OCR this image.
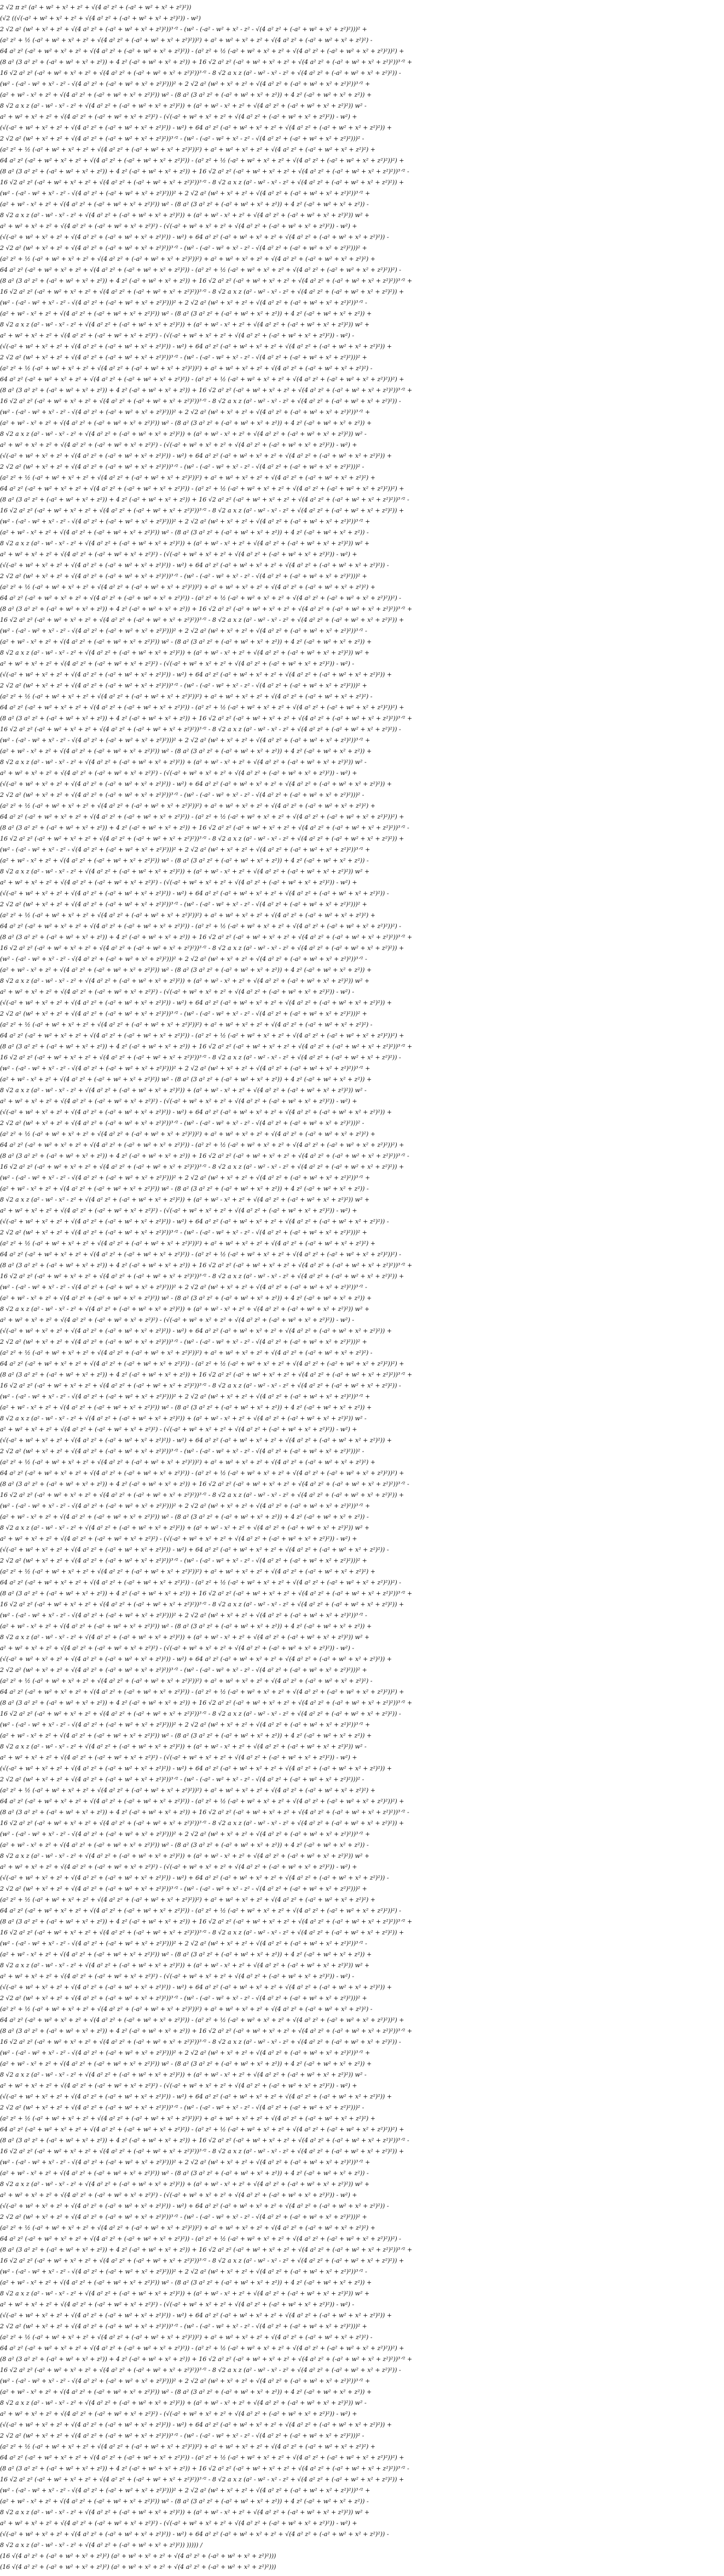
2 √2 π z² (a² + w² + x² + z² + √(4 a² z² + (-a² + w² + x² + z²)²))
(√2 ((√(-a² + w² + x² + z² + √(4 a² z² + (-a² + w² + x² + z²)²)) - w²)
2 √2 a² (w² + x² + z² + √(4 a² z² + (-a² + w² + x² + z²)²))³ᐟ² - (w² - (-a² - w² + x² - z² - √(4 a² z² + (-a² + w² + x² + z²)²)))² +
(a² z² + ½ (-a² + w² + x² + z² + √(4 a² z² + (-a² + w² + x² + z²)²))²) + a² + w² + x² + z² + √(4 a² z² + (-a² + w² + x² + z²)²) -
64 a² z² (-a² + w² + x² + z² + √(4 a² z² + (-a² + w² + x² + z²)²)) - (a² z² + ½ (-a² + w² + x² + z² + √(4 a² z² + (-a² + w² + x² + z²)²))²) +
(8 a² (3 a² z² + (-a² + w² + x² + z²)) + 4 z² (-a² + w² + x² + z²)) + 16 √2 a² z² (-a² + w² + x² + z² + √(4 a² z² + (-a² + w² + x² + z²)²))³ᐟ² +
16 √2 a² z² (-a² + w² + x² + z² + √(4 a² z² + (-a² + w² + x² + z²)²))³ᐟ² - 8 √2 a x z (a² - w² - x² - z² + √(4 a² z² + (-a² + w² + x² + z²)²)) -
(w² - (-a² - w² + x² - z² - √(4 a² z² + (-a² + w² + x² + z²)²)))² + 2 √2 a² (w² + x² + z² + √(4 a² z² + (-a² + w² + x² + z²)²))³ᐟ² +
(a² + w² - x² + z² + √(4 a² z² + (-a² + w² + x² + z²)²)) w² - (8 a² (3 a² z² + (-a² + w² + x² + z²)) + 4 z² (-a² + w² + x² + z²)) +
8 √2 a x z (a² - w² - x² - z² + √(4 a² z² + (-a² + w² + x² + z²)²)) + (a² + w² - x² + z² + √(4 a² z² + (-a² + w² + x² + z²)²)) w² -
a² + w² + x² + z² + √(4 a² z² + (-a² + w² + x² + z²)²) - (√(-a² + w² + x² + z² + √(4 a² z² + (-a² + w² + x² + z²)²)) - w²) +
(√(-a² + w² + x² + z² + √(4 a² z² + (-a² + w² + x² + z²)²)) - w²) + 64 a² z² (-a² + w² + x² + z² + √(4 a² z² + (-a² + w² + x² + z²)²)) +
2 √2 a² (w² + x² + z² + √(4 a² z² + (-a² + w² + x² + z²)²))³ᐟ² - (w² - (-a² - w² + x² - z² - √(4 a² z² + (-a² + w² + x² + z²)²)))² -
(a² z² + ½ (-a² + w² + x² + z² + √(4 a² z² + (-a² + w² + x² + z²)²))²) + a² + w² + x² + z² + √(4 a² z² + (-a² + w² + x² + z²)²) +
64 a² z² (-a² + w² + x² + z² + √(4 a² z² + (-a² + w² + x² + z²)²)) - (a² z² + ½ (-a² + w² + x² + z² + √(4 a² z² + (-a² + w² + x² + z²)²))²) +
(8 a² (3 a² z² + (-a² + w² + x² + z²)) + 4 z² (-a² + w² + x² + z²)) + 16 √2 a² z² (-a² + w² + x² + z² + √(4 a² z² + (-a² + w² + x² + z²)²))³ᐟ² -
16 √2 a² z² (-a² + w² + x² + z² + √(4 a² z² + (-a² + w² + x² + z²)²))³ᐟ² - 8 √2 a x z (a² - w² - x² - z² + √(4 a² z² + (-a² + w² + x² + z²)²)) +
(w² - (-a² - w² + x² - z² - √(4 a² z² + (-a² + w² + x² + z²)²)))² + 2 √2 a² (w² + x² + z² + √(4 a² z² + (-a² + w² + x² + z²)²))³ᐟ² +
(a² + w² - x² + z² + √(4 a² z² + (-a² + w² + x² + z²)²)) w² - (8 a² (3 a² z² + (-a² + w² + x² + z²)) + 4 z² (-a² + w² + x² + z²)) -
8 √2 a x z (a² - w² - x² - z² + √(4 a² z² + (-a² + w² + x² + z²)²)) + (a² + w² - x² + z² + √(4 a² z² + (-a² + w² + x² + z²)²)) w² +
a² + w² + x² + z² + √(4 a² z² + (-a² + w² + x² + z²)²) - (√(-a² + w² + x² + z² + √(4 a² z² + (-a² + w² + x² + z²)²)) - w²) +
(√(-a² + w² + x² + z² + √(4 a² z² + (-a² + w² + x² + z²)²)) - w²) + 64 a² z² (-a² + w² + x² + z² + √(4 a² z² + (-a² + w² + x² + z²)²)) -
2 √2 a² (w² + x² + z² + √(4 a² z² + (-a² + w² + x² + z²)²))³ᐟ² - (w² - (-a² - w² + x² - z² - √(4 a² z² + (-a² + w² + x² + z²)²)))² +
(a² z² + ½ (-a² + w² + x² + z² + √(4 a² z² + (-a² + w² + x² + z²)²))²) + a² + w² + x² + z² + √(4 a² z² + (-a² + w² + x² + z²)²) +
64 a² z² (-a² + w² + x² + z² + √(4 a² z² + (-a² + w² + x² + z²)²)) - (a² z² + ½ (-a² + w² + x² + z² + √(4 a² z² + (-a² + w² + x² + z²)²))²) -
(8 a² (3 a² z² + (-a² + w² + x² + z²)) + 4 z² (-a² + w² + x² + z²)) + 16 √2 a² z² (-a² + w² + x² + z² + √(4 a² z² + (-a² + w² + x² + z²)²))³ᐟ² +
16 √2 a² z² (-a² + w² + x² + z² + √(4 a² z² + (-a² + w² + x² + z²)²))³ᐟ² - 8 √2 a x z (a² - w² - x² - z² + √(4 a² z² + (-a² + w² + x² + z²)²)) +
(w² - (-a² - w² + x² - z² - √(4 a² z² + (-a² + w² + x² + z²)²)))² + 2 √2 a² (w² + x² + z² + √(4 a² z² + (-a² + w² + x² + z²)²))³ᐟ² -
(a² + w² - x² + z² + √(4 a² z² + (-a² + w² + x² + z²)²)) w² - (8 a² (3 a² z² + (-a² + w² + x² + z²)) + 4 z² (-a² + w² + x² + z²)) +
8 √2 a x z (a² - w² - x² - z² + √(4 a² z² + (-a² + w² + x² + z²)²)) + (a² + w² - x² + z² + √(4 a² z² + (-a² + w² + x² + z²)²)) w² +
a² + w² + x² + z² + √(4 a² z² + (-a² + w² + x² + z²)²) - (√(-a² + w² + x² + z² + √(4 a² z² + (-a² + w² + x² + z²)²)) - w²) -
(√(-a² + w² + x² + z² + √(4 a² z² + (-a² + w² + x² + z²)²)) - w²) + 64 a² z² (-a² + w² + x² + z² + √(4 a² z² + (-a² + w² + x² + z²)²)) +
2 √2 a² (w² + x² + z² + √(4 a² z² + (-a² + w² + x² + z²)²))³ᐟ² - (w² - (-a² - w² + x² - z² - √(4 a² z² + (-a² + w² + x² + z²)²)))² +
(a² z² + ½ (-a² + w² + x² + z² + √(4 a² z² + (-a² + w² + x² + z²)²))²) + a² + w² + x² + z² + √(4 a² z² + (-a² + w² + x² + z²)²) -
64 a² z² (-a² + w² + x² + z² + √(4 a² z² + (-a² + w² + x² + z²)²)) - (a² z² + ½ (-a² + w² + x² + z² + √(4 a² z² + (-a² + w² + x² + z²)²))²) +
(8 a² (3 a² z² + (-a² + w² + x² + z²)) + 4 z² (-a² + w² + x² + z²)) + 16 √2 a² z² (-a² + w² + x² + z² + √(4 a² z² + (-a² + w² + x² + z²)²))³ᐟ² +
16 √2 a² z² (-a² + w² + x² + z² + √(4 a² z² + (-a² + w² + x² + z²)²))³ᐟ² - 8 √2 a x z (a² - w² - x² - z² + √(4 a² z² + (-a² + w² + x² + z²)²)) -
(w² - (-a² - w² + x² - z² - √(4 a² z² + (-a² + w² + x² + z²)²)))² + 2 √2 a² (w² + x² + z² + √(4 a² z² + (-a² + w² + x² + z²)²))³ᐟ² +
(a² + w² - x² + z² + √(4 a² z² + (-a² + w² + x² + z²)²)) w² - (8 a² (3 a² z² + (-a² + w² + x² + z²)) + 4 z² (-a² + w² + x² + z²)) +
8 √2 a x z (a² - w² - x² - z² + √(4 a² z² + (-a² + w² + x² + z²)²)) + (a² + w² - x² + z² + √(4 a² z² + (-a² + w² + x² + z²)²)) w² -
a² + w² + x² + z² + √(4 a² z² + (-a² + w² + x² + z²)²) - (√(-a² + w² + x² + z² + √(4 a² z² + (-a² + w² + x² + z²)²)) - w²) +
(√(-a² + w² + x² + z² + √(4 a² z² + (-a² + w² + x² + z²)²)) - w²) + 64 a² z² (-a² + w² + x² + z² + √(4 a² z² + (-a² + w² + x² + z²)²)) +
2 √2 a² (w² + x² + z² + √(4 a² z² + (-a² + w² + x² + z²)²))³ᐟ² - (w² - (-a² - w² + x² - z² - √(4 a² z² + (-a² + w² + x² + z²)²)))² -
(a² z² + ½ (-a² + w² + x² + z² + √(4 a² z² + (-a² + w² + x² + z²)²))²) + a² + w² + x² + z² + √(4 a² z² + (-a² + w² + x² + z²)²) +
64 a² z² (-a² + w² + x² + z² + √(4 a² z² + (-a² + w² + x² + z²)²)) - (a² z² + ½ (-a² + w² + x² + z² + √(4 a² z² + (-a² + w² + x² + z²)²))²) +
(8 a² (3 a² z² + (-a² + w² + x² + z²)) + 4 z² (-a² + w² + x² + z²)) + 16 √2 a² z² (-a² + w² + x² + z² + √(4 a² z² + (-a² + w² + x² + z²)²))³ᐟ² -
16 √2 a² z² (-a² + w² + x² + z² + √(4 a² z² + (-a² + w² + x² + z²)²))³ᐟ² - 8 √2 a x z (a² - w² - x² - z² + √(4 a² z² + (-a² + w² + x² + z²)²)) +
(w² - (-a² - w² + x² - z² - √(4 a² z² + (-a² + w² + x² + z²)²)))² + 2 √2 a² (w² + x² + z² + √(4 a² z² + (-a² + w² + x² + z²)²))³ᐟ² +
(a² + w² - x² + z² + √(4 a² z² + (-a² + w² + x² + z²)²)) w² - (8 a² (3 a² z² + (-a² + w² + x² + z²)) + 4 z² (-a² + w² + x² + z²)) -
8 √2 a x z (a² - w² - x² - z² + √(4 a² z² + (-a² + w² + x² + z²)²)) + (a² + w² - x² + z² + √(4 a² z² + (-a² + w² + x² + z²)²)) w² +
a² + w² + x² + z² + √(4 a² z² + (-a² + w² + x² + z²)²) - (√(-a² + w² + x² + z² + √(4 a² z² + (-a² + w² + x² + z²)²)) - w²) +
(√(-a² + w² + x² + z² + √(4 a² z² + (-a² + w² + x² + z²)²)) - w²) + 64 a² z² (-a² + w² + x² + z² + √(4 a² z² + (-a² + w² + x² + z²)²)) -
2 √2 a² (w² + x² + z² + √(4 a² z² + (-a² + w² + x² + z²)²))³ᐟ² - (w² - (-a² - w² + x² - z² - √(4 a² z² + (-a² + w² + x² + z²)²)))² +
(a² z² + ½ (-a² + w² + x² + z² + √(4 a² z² + (-a² + w² + x² + z²)²))²) + a² + w² + x² + z² + √(4 a² z² + (-a² + w² + x² + z²)²) +
64 a² z² (-a² + w² + x² + z² + √(4 a² z² + (-a² + w² + x² + z²)²)) - (a² z² + ½ (-a² + w² + x² + z² + √(4 a² z² + (-a² + w² + x² + z²)²))²) -
(8 a² (3 a² z² + (-a² + w² + x² + z²)) + 4 z² (-a² + w² + x² + z²)) + 16 √2 a² z² (-a² + w² + x² + z² + √(4 a² z² + (-a² + w² + x² + z²)²))³ᐟ² +
16 √2 a² z² (-a² + w² + x² + z² + √(4 a² z² + (-a² + w² + x² + z²)²))³ᐟ² - 8 √2 a x z (a² - w² - x² - z² + √(4 a² z² + (-a² + w² + x² + z²)²)) +
(w² - (-a² - w² + x² - z² - √(4 a² z² + (-a² + w² + x² + z²)²)))² + 2 √2 a² (w² + x² + z² + √(4 a² z² + (-a² + w² + x² + z²)²))³ᐟ² -
(a² + w² - x² + z² + √(4 a² z² + (-a² + w² + x² + z²)²)) w² - (8 a² (3 a² z² + (-a² + w² + x² + z²)) + 4 z² (-a² + w² + x² + z²)) +
8 √2 a x z (a² - w² - x² - z² + √(4 a² z² + (-a² + w² + x² + z²)²)) + (a² + w² - x² + z² + √(4 a² z² + (-a² + w² + x² + z²)²)) w² +
a² + w² + x² + z² + √(4 a² z² + (-a² + w² + x² + z²)²) - (√(-a² + w² + x² + z² + √(4 a² z² + (-a² + w² + x² + z²)²)) - w²) -
(√(-a² + w² + x² + z² + √(4 a² z² + (-a² + w² + x² + z²)²)) - w²) + 64 a² z² (-a² + w² + x² + z² + √(4 a² z² + (-a² + w² + x² + z²)²)) +
2 √2 a² (w² + x² + z² + √(4 a² z² + (-a² + w² + x² + z²)²))³ᐟ² - (w² - (-a² - w² + x² - z² - √(4 a² z² + (-a² + w² + x² + z²)²)))² +
(a² z² + ½ (-a² + w² + x² + z² + √(4 a² z² + (-a² + w² + x² + z²)²))²) + a² + w² + x² + z² + √(4 a² z² + (-a² + w² + x² + z²)²) -
64 a² z² (-a² + w² + x² + z² + √(4 a² z² + (-a² + w² + x² + z²)²)) - (a² z² + ½ (-a² + w² + x² + z² + √(4 a² z² + (-a² + w² + x² + z²)²))²) +
(8 a² (3 a² z² + (-a² + w² + x² + z²)) + 4 z² (-a² + w² + x² + z²)) + 16 √2 a² z² (-a² + w² + x² + z² + √(4 a² z² + (-a² + w² + x² + z²)²))³ᐟ² +
16 √2 a² z² (-a² + w² + x² + z² + √(4 a² z² + (-a² + w² + x² + z²)²))³ᐟ² - 8 √2 a x z (a² - w² - x² - z² + √(4 a² z² + (-a² + w² + x² + z²)²)) -
(w² - (-a² - w² + x² - z² - √(4 a² z² + (-a² + w² + x² + z²)²)))² + 2 √2 a² (w² + x² + z² + √(4 a² z² + (-a² + w² + x² + z²)²))³ᐟ² +
(a² + w² - x² + z² + √(4 a² z² + (-a² + w² + x² + z²)²)) w² - (8 a² (3 a² z² + (-a² + w² + x² + z²)) + 4 z² (-a² + w² + x² + z²)) +
8 √2 a x z (a² - w² - x² - z² + √(4 a² z² + (-a² + w² + x² + z²)²)) + (a² + w² - x² + z² + √(4 a² z² + (-a² + w² + x² + z²)²)) w² -
a² + w² + x² + z² + √(4 a² z² + (-a² + w² + x² + z²)²) - (√(-a² + w² + x² + z² + √(4 a² z² + (-a² + w² + x² + z²)²)) - w²) +
(√(-a² + w² + x² + z² + √(4 a² z² + (-a² + w² + x² + z²)²)) - w²) + 64 a² z² (-a² + w² + x² + z² + √(4 a² z² + (-a² + w² + x² + z²)²)) +
2 √2 a² (w² + x² + z² + √(4 a² z² + (-a² + w² + x² + z²)²))³ᐟ² - (w² - (-a² - w² + x² - z² - √(4 a² z² + (-a² + w² + x² + z²)²)))² -
(a² z² + ½ (-a² + w² + x² + z² + √(4 a² z² + (-a² + w² + x² + z²)²))²) + a² + w² + x² + z² + √(4 a² z² + (-a² + w² + x² + z²)²) +
64 a² z² (-a² + w² + x² + z² + √(4 a² z² + (-a² + w² + x² + z²)²)) - (a² z² + ½ (-a² + w² + x² + z² + √(4 a² z² + (-a² + w² + x² + z²)²))²) +
(8 a² (3 a² z² + (-a² + w² + x² + z²)) + 4 z² (-a² + w² + x² + z²)) + 16 √2 a² z² (-a² + w² + x² + z² + √(4 a² z² + (-a² + w² + x² + z²)²))³ᐟ² -
16 √2 a² z² (-a² + w² + x² + z² + √(4 a² z² + (-a² + w² + x² + z²)²))³ᐟ² - 8 √2 a x z (a² - w² - x² - z² + √(4 a² z² + (-a² + w² + x² + z²)²)) +
(w² - (-a² - w² + x² - z² - √(4 a² z² + (-a² + w² + x² + z²)²)))² + 2 √2 a² (w² + x² + z² + √(4 a² z² + (-a² + w² + x² + z²)²))³ᐟ² +
(a² + w² - x² + z² + √(4 a² z² + (-a² + w² + x² + z²)²)) w² - (8 a² (3 a² z² + (-a² + w² + x² + z²)) + 4 z² (-a² + w² + x² + z²)) -
8 √2 a x z (a² - w² - x² - z² + √(4 a² z² + (-a² + w² + x² + z²)²)) + (a² + w² - x² + z² + √(4 a² z² + (-a² + w² + x² + z²)²)) w² +
a² + w² + x² + z² + √(4 a² z² + (-a² + w² + x² + z²)²) - (√(-a² + w² + x² + z² + √(4 a² z² + (-a² + w² + x² + z²)²)) - w²) +
(√(-a² + w² + x² + z² + √(4 a² z² + (-a² + w² + x² + z²)²)) - w²) + 64 a² z² (-a² + w² + x² + z² + √(4 a² z² + (-a² + w² + x² + z²)²)) -
2 √2 a² (w² + x² + z² + √(4 a² z² + (-a² + w² + x² + z²)²))³ᐟ² - (w² - (-a² - w² + x² - z² - √(4 a² z² + (-a² + w² + x² + z²)²)))² +
(a² z² + ½ (-a² + w² + x² + z² + √(4 a² z² + (-a² + w² + x² + z²)²))²) + a² + w² + x² + z² + √(4 a² z² + (-a² + w² + x² + z²)²) +
64 a² z² (-a² + w² + x² + z² + √(4 a² z² + (-a² + w² + x² + z²)²)) - (a² z² + ½ (-a² + w² + x² + z² + √(4 a² z² + (-a² + w² + x² + z²)²))²) -
(8 a² (3 a² z² + (-a² + w² + x² + z²)) + 4 z² (-a² + w² + x² + z²)) + 16 √2 a² z² (-a² + w² + x² + z² + √(4 a² z² + (-a² + w² + x² + z²)²))³ᐟ² +
16 √2 a² z² (-a² + w² + x² + z² + √(4 a² z² + (-a² + w² + x² + z²)²))³ᐟ² - 8 √2 a x z (a² - w² - x² - z² + √(4 a² z² + (-a² + w² + x² + z²)²)) +
(w² - (-a² - w² + x² - z² - √(4 a² z² + (-a² + w² + x² + z²)²)))² + 2 √2 a² (w² + x² + z² + √(4 a² z² + (-a² + w² + x² + z²)²))³ᐟ² -
(a² + w² - x² + z² + √(4 a² z² + (-a² + w² + x² + z²)²)) w² - (8 a² (3 a² z² + (-a² + w² + x² + z²)) + 4 z² (-a² + w² + x² + z²)) +
8 √2 a x z (a² - w² - x² - z² + √(4 a² z² + (-a² + w² + x² + z²)²)) + (a² + w² - x² + z² + √(4 a² z² + (-a² + w² + x² + z²)²)) w² +
a² + w² + x² + z² + √(4 a² z² + (-a² + w² + x² + z²)²) - (√(-a² + w² + x² + z² + √(4 a² z² + (-a² + w² + x² + z²)²)) - w²) -
(√(-a² + w² + x² + z² + √(4 a² z² + (-a² + w² + x² + z²)²)) - w²) + 64 a² z² (-a² + w² + x² + z² + √(4 a² z² + (-a² + w² + x² + z²)²)) +
2 √2 a² (w² + x² + z² + √(4 a² z² + (-a² + w² + x² + z²)²))³ᐟ² - (w² - (-a² - w² + x² - z² - √(4 a² z² + (-a² + w² + x² + z²)²)))² +
(a² z² + ½ (-a² + w² + x² + z² + √(4 a² z² + (-a² + w² + x² + z²)²))²) + a² + w² + x² + z² + √(4 a² z² + (-a² + w² + x² + z²)²) -
64 a² z² (-a² + w² + x² + z² + √(4 a² z² + (-a² + w² + x² + z²)²)) - (a² z² + ½ (-a² + w² + x² + z² + √(4 a² z² + (-a² + w² + x² + z²)²))²) +
(8 a² (3 a² z² + (-a² + w² + x² + z²)) + 4 z² (-a² + w² + x² + z²)) + 16 √2 a² z² (-a² + w² + x² + z² + √(4 a² z² + (-a² + w² + x² + z²)²))³ᐟ² +
16 √2 a² z² (-a² + w² + x² + z² + √(4 a² z² + (-a² + w² + x² + z²)²))³ᐟ² - 8 √2 a x z (a² - w² - x² - z² + √(4 a² z² + (-a² + w² + x² + z²)²)) -
(w² - (-a² - w² + x² - z² - √(4 a² z² + (-a² + w² + x² + z²)²)))² + 2 √2 a² (w² + x² + z² + √(4 a² z² + (-a² + w² + x² + z²)²))³ᐟ² +
(a² + w² - x² + z² + √(4 a² z² + (-a² + w² + x² + z²)²)) w² - (8 a² (3 a² z² + (-a² + w² + x² + z²)) + 4 z² (-a² + w² + x² + z²)) +
8 √2 a x z (a² - w² - x² - z² + √(4 a² z² + (-a² + w² + x² + z²)²)) + (a² + w² - x² + z² + √(4 a² z² + (-a² + w² + x² + z²)²)) w² -
a² + w² + x² + z² + √(4 a² z² + (-a² + w² + x² + z²)²) - (√(-a² + w² + x² + z² + √(4 a² z² + (-a² + w² + x² + z²)²)) - w²) +
(√(-a² + w² + x² + z² + √(4 a² z² + (-a² + w² + x² + z²)²)) - w²) + 64 a² z² (-a² + w² + x² + z² + √(4 a² z² + (-a² + w² + x² + z²)²)) +
2 √2 a² (w² + x² + z² + √(4 a² z² + (-a² + w² + x² + z²)²))³ᐟ² - (w² - (-a² - w² + x² - z² - √(4 a² z² + (-a² + w² + x² + z²)²)))² -
(a² z² + ½ (-a² + w² + x² + z² + √(4 a² z² + (-a² + w² + x² + z²)²))²) + a² + w² + x² + z² + √(4 a² z² + (-a² + w² + x² + z²)²) +
64 a² z² (-a² + w² + x² + z² + √(4 a² z² + (-a² + w² + x² + z²)²)) - (a² z² + ½ (-a² + w² + x² + z² + √(4 a² z² + (-a² + w² + x² + z²)²))²) +
(8 a² (3 a² z² + (-a² + w² + x² + z²)) + 4 z² (-a² + w² + x² + z²)) + 16 √2 a² z² (-a² + w² + x² + z² + √(4 a² z² + (-a² + w² + x² + z²)²))³ᐟ² -
16 √2 a² z² (-a² + w² + x² + z² + √(4 a² z² + (-a² + w² + x² + z²)²))³ᐟ² - 8 √2 a x z (a² - w² - x² - z² + √(4 a² z² + (-a² + w² + x² + z²)²)) +
(w² - (-a² - w² + x² - z² - √(4 a² z² + (-a² + w² + x² + z²)²)))² + 2 √2 a² (w² + x² + z² + √(4 a² z² + (-a² + w² + x² + z²)²))³ᐟ² +
(a² + w² - x² + z² + √(4 a² z² + (-a² + w² + x² + z²)²)) w² - (8 a² (3 a² z² + (-a² + w² + x² + z²)) + 4 z² (-a² + w² + x² + z²)) -
8 √2 a x z (a² - w² - x² - z² + √(4 a² z² + (-a² + w² + x² + z²)²)) + (a² + w² - x² + z² + √(4 a² z² + (-a² + w² + x² + z²)²)) w² +
a² + w² + x² + z² + √(4 a² z² + (-a² + w² + x² + z²)²) - (√(-a² + w² + x² + z² + √(4 a² z² + (-a² + w² + x² + z²)²)) - w²) +
(√(-a² + w² + x² + z² + √(4 a² z² + (-a² + w² + x² + z²)²)) - w²) + 64 a² z² (-a² + w² + x² + z² + √(4 a² z² + (-a² + w² + x² + z²)²)) -
2 √2 a² (w² + x² + z² + √(4 a² z² + (-a² + w² + x² + z²)²))³ᐟ² - (w² - (-a² - w² + x² - z² - √(4 a² z² + (-a² + w² + x² + z²)²)))² +
(a² z² + ½ (-a² + w² + x² + z² + √(4 a² z² + (-a² + w² + x² + z²)²))²) + a² + w² + x² + z² + √(4 a² z² + (-a² + w² + x² + z²)²) +
64 a² z² (-a² + w² + x² + z² + √(4 a² z² + (-a² + w² + x² + z²)²)) - (a² z² + ½ (-a² + w² + x² + z² + √(4 a² z² + (-a² + w² + x² + z²)²))²) -
(8 a² (3 a² z² + (-a² + w² + x² + z²)) + 4 z² (-a² + w² + x² + z²)) + 16 √2 a² z² (-a² + w² + x² + z² + √(4 a² z² + (-a² + w² + x² + z²)²))³ᐟ² +
16 √2 a² z² (-a² + w² + x² + z² + √(4 a² z² + (-a² + w² + x² + z²)²))³ᐟ² - 8 √2 a x z (a² - w² - x² - z² + √(4 a² z² + (-a² + w² + x² + z²)²)) +
(w² - (-a² - w² + x² - z² - √(4 a² z² + (-a² + w² + x² + z²)²)))² + 2 √2 a² (w² + x² + z² + √(4 a² z² + (-a² + w² + x² + z²)²))³ᐟ² -
(a² + w² - x² + z² + √(4 a² z² + (-a² + w² + x² + z²)²)) w² - (8 a² (3 a² z² + (-a² + w² + x² + z²)) + 4 z² (-a² + w² + x² + z²)) +
8 √2 a x z (a² - w² - x² - z² + √(4 a² z² + (-a² + w² + x² + z²)²)) + (a² + w² - x² + z² + √(4 a² z² + (-a² + w² + x² + z²)²)) w² +
a² + w² + x² + z² + √(4 a² z² + (-a² + w² + x² + z²)²) - (√(-a² + w² + x² + z² + √(4 a² z² + (-a² + w² + x² + z²)²)) - w²) -
(√(-a² + w² + x² + z² + √(4 a² z² + (-a² + w² + x² + z²)²)) - w²) + 64 a² z² (-a² + w² + x² + z² + √(4 a² z² + (-a² + w² + x² + z²)²)) +
2 √2 a² (w² + x² + z² + √(4 a² z² + (-a² + w² + x² + z²)²))³ᐟ² - (w² - (-a² - w² + x² - z² - √(4 a² z² + (-a² + w² + x² + z²)²)))² +
(a² z² + ½ (-a² + w² + x² + z² + √(4 a² z² + (-a² + w² + x² + z²)²))²) + a² + w² + x² + z² + √(4 a² z² + (-a² + w² + x² + z²)²) -
64 a² z² (-a² + w² + x² + z² + √(4 a² z² + (-a² + w² + x² + z²)²)) - (a² z² + ½ (-a² + w² + x² + z² + √(4 a² z² + (-a² + w² + x² + z²)²))²) +
(8 a² (3 a² z² + (-a² + w² + x² + z²)) + 4 z² (-a² + w² + x² + z²)) + 16 √2 a² z² (-a² + w² + x² + z² + √(4 a² z² + (-a² + w² + x² + z²)²))³ᐟ² +
16 √2 a² z² (-a² + w² + x² + z² + √(4 a² z² + (-a² + w² + x² + z²)²))³ᐟ² - 8 √2 a x z (a² - w² - x² - z² + √(4 a² z² + (-a² + w² + x² + z²)²)) -
(w² - (-a² - w² + x² - z² - √(4 a² z² + (-a² + w² + x² + z²)²)))² + 2 √2 a² (w² + x² + z² + √(4 a² z² + (-a² + w² + x² + z²)²))³ᐟ² +
(a² + w² - x² + z² + √(4 a² z² + (-a² + w² + x² + z²)²)) w² - (8 a² (3 a² z² + (-a² + w² + x² + z²)) + 4 z² (-a² + w² + x² + z²)) +
8 √2 a x z (a² - w² - x² - z² + √(4 a² z² + (-a² + w² + x² + z²)²)) + (a² + w² - x² + z² + √(4 a² z² + (-a² + w² + x² + z²)²)) w² -
a² + w² + x² + z² + √(4 a² z² + (-a² + w² + x² + z²)²) - (√(-a² + w² + x² + z² + √(4 a² z² + (-a² + w² + x² + z²)²)) - w²) +
(√(-a² + w² + x² + z² + √(4 a² z² + (-a² + w² + x² + z²)²)) - w²) + 64 a² z² (-a² + w² + x² + z² + √(4 a² z² + (-a² + w² + x² + z²)²)) +
2 √2 a² (w² + x² + z² + √(4 a² z² + (-a² + w² + x² + z²)²))³ᐟ² - (w² - (-a² - w² + x² - z² - √(4 a² z² + (-a² + w² + x² + z²)²)))² -
(a² z² + ½ (-a² + w² + x² + z² + √(4 a² z² + (-a² + w² + x² + z²)²))²) + a² + w² + x² + z² + √(4 a² z² + (-a² + w² + x² + z²)²) +
64 a² z² (-a² + w² + x² + z² + √(4 a² z² + (-a² + w² + x² + z²)²)) - (a² z² + ½ (-a² + w² + x² + z² + √(4 a² z² + (-a² + w² + x² + z²)²))²) +
(8 a² (3 a² z² + (-a² + w² + x² + z²)) + 4 z² (-a² + w² + x² + z²)) + 16 √2 a² z² (-a² + w² + x² + z² + √(4 a² z² + (-a² + w² + x² + z²)²))³ᐟ² -
16 √2 a² z² (-a² + w² + x² + z² + √(4 a² z² + (-a² + w² + x² + z²)²))³ᐟ² - 8 √2 a x z (a² - w² - x² - z² + √(4 a² z² + (-a² + w² + x² + z²)²)) +
(w² - (-a² - w² + x² - z² - √(4 a² z² + (-a² + w² + x² + z²)²)))² + 2 √2 a² (w² + x² + z² + √(4 a² z² + (-a² + w² + x² + z²)²))³ᐟ² +
(a² + w² - x² + z² + √(4 a² z² + (-a² + w² + x² + z²)²)) w² - (8 a² (3 a² z² + (-a² + w² + x² + z²)) + 4 z² (-a² + w² + x² + z²)) -
8 √2 a x z (a² - w² - x² - z² + √(4 a² z² + (-a² + w² + x² + z²)²)) + (a² + w² - x² + z² + √(4 a² z² + (-a² + w² + x² + z²)²)) w² +
a² + w² + x² + z² + √(4 a² z² + (-a² + w² + x² + z²)²) - (√(-a² + w² + x² + z² + √(4 a² z² + (-a² + w² + x² + z²)²)) - w²) +
(√(-a² + w² + x² + z² + √(4 a² z² + (-a² + w² + x² + z²)²)) - w²) + 64 a² z² (-a² + w² + x² + z² + √(4 a² z² + (-a² + w² + x² + z²)²)) -
2 √2 a² (w² + x² + z² + √(4 a² z² + (-a² + w² + x² + z²)²))³ᐟ² - (w² - (-a² - w² + x² - z² - √(4 a² z² + (-a² + w² + x² + z²)²)))² +
(a² z² + ½ (-a² + w² + x² + z² + √(4 a² z² + (-a² + w² + x² + z²)²))²) + a² + w² + x² + z² + √(4 a² z² + (-a² + w² + x² + z²)²) +
64 a² z² (-a² + w² + x² + z² + √(4 a² z² + (-a² + w² + x² + z²)²)) - (a² z² + ½ (-a² + w² + x² + z² + √(4 a² z² + (-a² + w² + x² + z²)²))²) -
(8 a² (3 a² z² + (-a² + w² + x² + z²)) + 4 z² (-a² + w² + x² + z²)) + 16 √2 a² z² (-a² + w² + x² + z² + √(4 a² z² + (-a² + w² + x² + z²)²))³ᐟ² +
16 √2 a² z² (-a² + w² + x² + z² + √(4 a² z² + (-a² + w² + x² + z²)²))³ᐟ² - 8 √2 a x z (a² - w² - x² - z² + √(4 a² z² + (-a² + w² + x² + z²)²)) +
(w² - (-a² - w² + x² - z² - √(4 a² z² + (-a² + w² + x² + z²)²)))² + 2 √2 a² (w² + x² + z² + √(4 a² z² + (-a² + w² + x² + z²)²))³ᐟ² -
(a² + w² - x² + z² + √(4 a² z² + (-a² + w² + x² + z²)²)) w² - (8 a² (3 a² z² + (-a² + w² + x² + z²)) + 4 z² (-a² + w² + x² + z²)) +
8 √2 a x z (a² - w² - x² - z² + √(4 a² z² + (-a² + w² + x² + z²)²)) + (a² + w² - x² + z² + √(4 a² z² + (-a² + w² + x² + z²)²)) w² +
a² + w² + x² + z² + √(4 a² z² + (-a² + w² + x² + z²)²) - (√(-a² + w² + x² + z² + √(4 a² z² + (-a² + w² + x² + z²)²)) - w²) -
(√(-a² + w² + x² + z² + √(4 a² z² + (-a² + w² + x² + z²)²)) - w²) + 64 a² z² (-a² + w² + x² + z² + √(4 a² z² + (-a² + w² + x² + z²)²)) +
2 √2 a² (w² + x² + z² + √(4 a² z² + (-a² + w² + x² + z²)²))³ᐟ² - (w² - (-a² - w² + x² - z² - √(4 a² z² + (-a² + w² + x² + z²)²)))² +
(a² z² + ½ (-a² + w² + x² + z² + √(4 a² z² + (-a² + w² + x² + z²)²))²) + a² + w² + x² + z² + √(4 a² z² + (-a² + w² + x² + z²)²) -
64 a² z² (-a² + w² + x² + z² + √(4 a² z² + (-a² + w² + x² + z²)²)) - (a² z² + ½ (-a² + w² + x² + z² + √(4 a² z² + (-a² + w² + x² + z²)²))²) +
(8 a² (3 a² z² + (-a² + w² + x² + z²)) + 4 z² (-a² + w² + x² + z²)) + 16 √2 a² z² (-a² + w² + x² + z² + √(4 a² z² + (-a² + w² + x² + z²)²))³ᐟ² +
16 √2 a² z² (-a² + w² + x² + z² + √(4 a² z² + (-a² + w² + x² + z²)²))³ᐟ² - 8 √2 a x z (a² - w² - x² - z² + √(4 a² z² + (-a² + w² + x² + z²)²)) -
(w² - (-a² - w² + x² - z² - √(4 a² z² + (-a² + w² + x² + z²)²)))² + 2 √2 a² (w² + x² + z² + √(4 a² z² + (-a² + w² + x² + z²)²))³ᐟ² +
(a² + w² - x² + z² + √(4 a² z² + (-a² + w² + x² + z²)²)) w² - (8 a² (3 a² z² + (-a² + w² + x² + z²)) + 4 z² (-a² + w² + x² + z²)) +
8 √2 a x z (a² - w² - x² - z² + √(4 a² z² + (-a² + w² + x² + z²)²)) + (a² + w² - x² + z² + √(4 a² z² + (-a² + w² + x² + z²)²)) w² -
a² + w² + x² + z² + √(4 a² z² + (-a² + w² + x² + z²)²) - (√(-a² + w² + x² + z² + √(4 a² z² + (-a² + w² + x² + z²)²)) - w²) +
(√(-a² + w² + x² + z² + √(4 a² z² + (-a² + w² + x² + z²)²)) - w²) + 64 a² z² (-a² + w² + x² + z² + √(4 a² z² + (-a² + w² + x² + z²)²)) +
2 √2 a² (w² + x² + z² + √(4 a² z² + (-a² + w² + x² + z²)²))³ᐟ² - (w² - (-a² - w² + x² - z² - √(4 a² z² + (-a² + w² + x² + z²)²)))² -
(a² z² + ½ (-a² + w² + x² + z² + √(4 a² z² + (-a² + w² + x² + z²)²))²) + a² + w² + x² + z² + √(4 a² z² + (-a² + w² + x² + z²)²) +
64 a² z² (-a² + w² + x² + z² + √(4 a² z² + (-a² + w² + x² + z²)²)) - (a² z² + ½ (-a² + w² + x² + z² + √(4 a² z² + (-a² + w² + x² + z²)²))²) +
(8 a² (3 a² z² + (-a² + w² + x² + z²)) + 4 z² (-a² + w² + x² + z²)) + 16 √2 a² z² (-a² + w² + x² + z² + √(4 a² z² + (-a² + w² + x² + z²)²))³ᐟ² -
16 √2 a² z² (-a² + w² + x² + z² + √(4 a² z² + (-a² + w² + x² + z²)²))³ᐟ² - 8 √2 a x z (a² - w² - x² - z² + √(4 a² z² + (-a² + w² + x² + z²)²)) +
(w² - (-a² - w² + x² - z² - √(4 a² z² + (-a² + w² + x² + z²)²)))² + 2 √2 a² (w² + x² + z² + √(4 a² z² + (-a² + w² + x² + z²)²))³ᐟ² +
(a² + w² - x² + z² + √(4 a² z² + (-a² + w² + x² + z²)²)) w² - (8 a² (3 a² z² + (-a² + w² + x² + z²)) + 4 z² (-a² + w² + x² + z²)) -
8 √2 a x z (a² - w² - x² - z² + √(4 a² z² + (-a² + w² + x² + z²)²)) + (a² + w² - x² + z² + √(4 a² z² + (-a² + w² + x² + z²)²)) w² +
a² + w² + x² + z² + √(4 a² z² + (-a² + w² + x² + z²)²) - (√(-a² + w² + x² + z² + √(4 a² z² + (-a² + w² + x² + z²)²)) - w²) +
(√(-a² + w² + x² + z² + √(4 a² z² + (-a² + w² + x² + z²)²)) - w²) + 64 a² z² (-a² + w² + x² + z² + √(4 a² z² + (-a² + w² + x² + z²)²)) -
2 √2 a² (w² + x² + z² + √(4 a² z² + (-a² + w² + x² + z²)²))³ᐟ² - (w² - (-a² - w² + x² - z² - √(4 a² z² + (-a² + w² + x² + z²)²)))² +
(a² z² + ½ (-a² + w² + x² + z² + √(4 a² z² + (-a² + w² + x² + z²)²))²) + a² + w² + x² + z² + √(4 a² z² + (-a² + w² + x² + z²)²) +
64 a² z² (-a² + w² + x² + z² + √(4 a² z² + (-a² + w² + x² + z²)²)) - (a² z² + ½ (-a² + w² + x² + z² + √(4 a² z² + (-a² + w² + x² + z²)²))²) -
(8 a² (3 a² z² + (-a² + w² + x² + z²)) + 4 z² (-a² + w² + x² + z²)) + 16 √2 a² z² (-a² + w² + x² + z² + √(4 a² z² + (-a² + w² + x² + z²)²))³ᐟ² +
16 √2 a² z² (-a² + w² + x² + z² + √(4 a² z² + (-a² + w² + x² + z²)²))³ᐟ² - 8 √2 a x z (a² - w² - x² - z² + √(4 a² z² + (-a² + w² + x² + z²)²)) +
(w² - (-a² - w² + x² - z² - √(4 a² z² + (-a² + w² + x² + z²)²)))² + 2 √2 a² (w² + x² + z² + √(4 a² z² + (-a² + w² + x² + z²)²))³ᐟ² -
(a² + w² - x² + z² + √(4 a² z² + (-a² + w² + x² + z²)²)) w² - (8 a² (3 a² z² + (-a² + w² + x² + z²)) + 4 z² (-a² + w² + x² + z²)) +
8 √2 a x z (a² - w² - x² - z² + √(4 a² z² + (-a² + w² + x² + z²)²)) + (a² + w² - x² + z² + √(4 a² z² + (-a² + w² + x² + z²)²)) w² +
a² + w² + x² + z² + √(4 a² z² + (-a² + w² + x² + z²)²) - (√(-a² + w² + x² + z² + √(4 a² z² + (-a² + w² + x² + z²)²)) - w²) -
(√(-a² + w² + x² + z² + √(4 a² z² + (-a² + w² + x² + z²)²)) - w²) + 64 a² z² (-a² + w² + x² + z² + √(4 a² z² + (-a² + w² + x² + z²)²)) +
2 √2 a² (w² + x² + z² + √(4 a² z² + (-a² + w² + x² + z²)²))³ᐟ² - (w² - (-a² - w² + x² - z² - √(4 a² z² + (-a² + w² + x² + z²)²)))² +
(a² z² + ½ (-a² + w² + x² + z² + √(4 a² z² + (-a² + w² + x² + z²)²))²) + a² + w² + x² + z² + √(4 a² z² + (-a² + w² + x² + z²)²) -
64 a² z² (-a² + w² + x² + z² + √(4 a² z² + (-a² + w² + x² + z²)²)) - (a² z² + ½ (-a² + w² + x² + z² + √(4 a² z² + (-a² + w² + x² + z²)²))²) +
(8 a² (3 a² z² + (-a² + w² + x² + z²)) + 4 z² (-a² + w² + x² + z²)) + 16 √2 a² z² (-a² + w² + x² + z² + √(4 a² z² + (-a² + w² + x² + z²)²))³ᐟ² +
16 √2 a² z² (-a² + w² + x² + z² + √(4 a² z² + (-a² + w² + x² + z²)²))³ᐟ² - 8 √2 a x z (a² - w² - x² - z² + √(4 a² z² + (-a² + w² + x² + z²)²)) -
(w² - (-a² - w² + x² - z² - √(4 a² z² + (-a² + w² + x² + z²)²)))² + 2 √2 a² (w² + x² + z² + √(4 a² z² + (-a² + w² + x² + z²)²))³ᐟ² +
(a² + w² - x² + z² + √(4 a² z² + (-a² + w² + x² + z²)²)) w² - (8 a² (3 a² z² + (-a² + w² + x² + z²)) + 4 z² (-a² + w² + x² + z²)) +
8 √2 a x z (a² - w² - x² - z² + √(4 a² z² + (-a² + w² + x² + z²)²)) + (a² + w² - x² + z² + √(4 a² z² + (-a² + w² + x² + z²)²)) w² -
a² + w² + x² + z² + √(4 a² z² + (-a² + w² + x² + z²)²) - (√(-a² + w² + x² + z² + √(4 a² z² + (-a² + w² + x² + z²)²)) - w²) +
(√(-a² + w² + x² + z² + √(4 a² z² + (-a² + w² + x² + z²)²)) - w²) + 64 a² z² (-a² + w² + x² + z² + √(4 a² z² + (-a² + w² + x² + z²)²)) +
2 √2 a² (w² + x² + z² + √(4 a² z² + (-a² + w² + x² + z²)²))³ᐟ² - (w² - (-a² - w² + x² - z² - √(4 a² z² + (-a² + w² + x² + z²)²)))² -
(a² z² + ½ (-a² + w² + x² + z² + √(4 a² z² + (-a² + w² + x² + z²)²))²) + a² + w² + x² + z² + √(4 a² z² + (-a² + w² + x² + z²)²) +
64 a² z² (-a² + w² + x² + z² + √(4 a² z² + (-a² + w² + x² + z²)²)) - (a² z² + ½ (-a² + w² + x² + z² + √(4 a² z² + (-a² + w² + x² + z²)²))²) +
(8 a² (3 a² z² + (-a² + w² + x² + z²)) + 4 z² (-a² + w² + x² + z²)) + 16 √2 a² z² (-a² + w² + x² + z² + √(4 a² z² + (-a² + w² + x² + z²)²))³ᐟ² -
16 √2 a² z² (-a² + w² + x² + z² + √(4 a² z² + (-a² + w² + x² + z²)²))³ᐟ² - 8 √2 a x z (a² - w² - x² - z² + √(4 a² z² + (-a² + w² + x² + z²)²)) +
(w² - (-a² - w² + x² - z² - √(4 a² z² + (-a² + w² + x² + z²)²)))² + 2 √2 a² (w² + x² + z² + √(4 a² z² + (-a² + w² + x² + z²)²))³ᐟ² +
(a² + w² - x² + z² + √(4 a² z² + (-a² + w² + x² + z²)²)) w² - (8 a² (3 a² z² + (-a² + w² + x² + z²)) + 4 z² (-a² + w² + x² + z²)) -
8 √2 a x z (a² - w² - x² - z² + √(4 a² z² + (-a² + w² + x² + z²)²)) + (a² + w² - x² + z² + √(4 a² z² + (-a² + w² + x² + z²)²)) w² +
a² + w² + x² + z² + √(4 a² z² + (-a² + w² + x² + z²)²) - (√(-a² + w² + x² + z² + √(4 a² z² + (-a² + w² + x² + z²)²)) - w²) +
(√(-a² + w² + x² + z² + √(4 a² z² + (-a² + w² + x² + z²)²)) - w²) + 64 a² z² (-a² + w² + x² + z² + √(4 a² z² + (-a² + w² + x² + z²)²)) -
2 √2 a² (w² + x² + z² + √(4 a² z² + (-a² + w² + x² + z²)²))³ᐟ² - (w² - (-a² - w² + x² - z² - √(4 a² z² + (-a² + w² + x² + z²)²)))² +
(a² z² + ½ (-a² + w² + x² + z² + √(4 a² z² + (-a² + w² + x² + z²)²))²) + a² + w² + x² + z² + √(4 a² z² + (-a² + w² + x² + z²)²) +
64 a² z² (-a² + w² + x² + z² + √(4 a² z² + (-a² + w² + x² + z²)²)) - (a² z² + ½ (-a² + w² + x² + z² + √(4 a² z² + (-a² + w² + x² + z²)²))²) -
(8 a² (3 a² z² + (-a² + w² + x² + z²)) + 4 z² (-a² + w² + x² + z²)) + 16 √2 a² z² (-a² + w² + x² + z² + √(4 a² z² + (-a² + w² + x² + z²)²))³ᐟ² +
16 √2 a² z² (-a² + w² + x² + z² + √(4 a² z² + (-a² + w² + x² + z²)²))³ᐟ² - 8 √2 a x z (a² - w² - x² - z² + √(4 a² z² + (-a² + w² + x² + z²)²)) +
(w² - (-a² - w² + x² - z² - √(4 a² z² + (-a² + w² + x² + z²)²)))² + 2 √2 a² (w² + x² + z² + √(4 a² z² + (-a² + w² + x² + z²)²))³ᐟ² -
(a² + w² - x² + z² + √(4 a² z² + (-a² + w² + x² + z²)²)) w² - (8 a² (3 a² z² + (-a² + w² + x² + z²)) + 4 z² (-a² + w² + x² + z²)) +
8 √2 a x z (a² - w² - x² - z² + √(4 a² z² + (-a² + w² + x² + z²)²)) + (a² + w² - x² + z² + √(4 a² z² + (-a² + w² + x² + z²)²)) w² +
a² + w² + x² + z² + √(4 a² z² + (-a² + w² + x² + z²)²) - (√(-a² + w² + x² + z² + √(4 a² z² + (-a² + w² + x² + z²)²)) - w²) -
(√(-a² + w² + x² + z² + √(4 a² z² + (-a² + w² + x² + z²)²)) - w²) + 64 a² z² (-a² + w² + x² + z² + √(4 a² z² + (-a² + w² + x² + z²)²)) +
2 √2 a² (w² + x² + z² + √(4 a² z² + (-a² + w² + x² + z²)²))³ᐟ² - (w² - (-a² - w² + x² - z² - √(4 a² z² + (-a² + w² + x² + z²)²)))² +
(a² z² + ½ (-a² + w² + x² + z² + √(4 a² z² + (-a² + w² + x² + z²)²))²) + a² + w² + x² + z² + √(4 a² z² + (-a² + w² + x² + z²)²) -
64 a² z² (-a² + w² + x² + z² + √(4 a² z² + (-a² + w² + x² + z²)²)) - (a² z² + ½ (-a² + w² + x² + z² + √(4 a² z² + (-a² + w² + x² + z²)²))²) +
(8 a² (3 a² z² + (-a² + w² + x² + z²)) + 4 z² (-a² + w² + x² + z²)) + 16 √2 a² z² (-a² + w² + x² + z² + √(4 a² z² + (-a² + w² + x² + z²)²))³ᐟ² +
16 √2 a² z² (-a² + w² + x² + z² + √(4 a² z² + (-a² + w² + x² + z²)²))³ᐟ² - 8 √2 a x z (a² - w² - x² - z² + √(4 a² z² + (-a² + w² + x² + z²)²)) -
(w² - (-a² - w² + x² - z² - √(4 a² z² + (-a² + w² + x² + z²)²)))² + 2 √2 a² (w² + x² + z² + √(4 a² z² + (-a² + w² + x² + z²)²))³ᐟ² +
(a² + w² - x² + z² + √(4 a² z² + (-a² + w² + x² + z²)²)) w² - (8 a² (3 a² z² + (-a² + w² + x² + z²)) + 4 z² (-a² + w² + x² + z²)) +
8 √2 a x z (a² - w² - x² - z² + √(4 a² z² + (-a² + w² + x² + z²)²)) + (a² + w² - x² + z² + √(4 a² z² + (-a² + w² + x² + z²)²)) w² -
a² + w² + x² + z² + √(4 a² z² + (-a² + w² + x² + z²)²) - (√(-a² + w² + x² + z² + √(4 a² z² + (-a² + w² + x² + z²)²)) - w²) +
(√(-a² + w² + x² + z² + √(4 a² z² + (-a² + w² + x² + z²)²)) - w²) + 64 a² z² (-a² + w² + x² + z² + √(4 a² z² + (-a² + w² + x² + z²)²)) +
2 √2 a² (w² + x² + z² + √(4 a² z² + (-a² + w² + x² + z²)²))³ᐟ² - (w² - (-a² - w² + x² - z² - √(4 a² z² + (-a² + w² + x² + z²)²)))² -
(a² z² + ½ (-a² + w² + x² + z² + √(4 a² z² + (-a² + w² + x² + z²)²))²) + a² + w² + x² + z² + √(4 a² z² + (-a² + w² + x² + z²)²) +
64 a² z² (-a² + w² + x² + z² + √(4 a² z² + (-a² + w² + x² + z²)²)) - (a² z² + ½ (-a² + w² + x² + z² + √(4 a² z² + (-a² + w² + x² + z²)²))²) +
(8 a² (3 a² z² + (-a² + w² + x² + z²)) + 4 z² (-a² + w² + x² + z²)) + 16 √2 a² z² (-a² + w² + x² + z² + √(4 a² z² + (-a² + w² + x² + z²)²))³ᐟ² -
16 √2 a² z² (-a² + w² + x² + z² + √(4 a² z² + (-a² + w² + x² + z²)²))³ᐟ² - 8 √2 a x z (a² - w² - x² - z² + √(4 a² z² + (-a² + w² + x² + z²)²)) +
(w² - (-a² - w² + x² - z² - √(4 a² z² + (-a² + w² + x² + z²)²)))² + 2 √2 a² (w² + x² + z² + √(4 a² z² + (-a² + w² + x² + z²)²))³ᐟ² +
(a² + w² - x² + z² + √(4 a² z² + (-a² + w² + x² + z²)²)) w² - (8 a² (3 a² z² + (-a² + w² + x² + z²)) + 4 z² (-a² + w² + x² + z²)) -
8 √2 a x z (a² - w² - x² - z² + √(4 a² z² + (-a² + w² + x² + z²)²)) + (a² + w² - x² + z² + √(4 a² z² + (-a² + w² + x² + z²)²)) w² +
a² + w² + x² + z² + √(4 a² z² + (-a² + w² + x² + z²)²) - (√(-a² + w² + x² + z² + √(4 a² z² + (-a² + w² + x² + z²)²)) - w²) +
(√(-a² + w² + x² + z² + √(4 a² z² + (-a² + w² + x² + z²)²)) - w²) + 64 a² z² (-a² + w² + x² + z² + √(4 a² z² + (-a² + w² + x² + z²)²)) -
8 √2 a x z (a² - w² - x² - z² + √(4 a² z² + (-a² + w² + x² + z²)²)) ))))) /
(16 √(4 a² z² + (-a² + w² + x² + z²)²) (a² + w² + x² + z² + √(4 a² z² + (-a² + w² + x² + z²)²)))
(16 √(4 a² z² + (-a² + w² + x² + z²)²) (a² + w² + x² + z² + √(4 a² z² + (-a² + w² + x² + z²)²)))
